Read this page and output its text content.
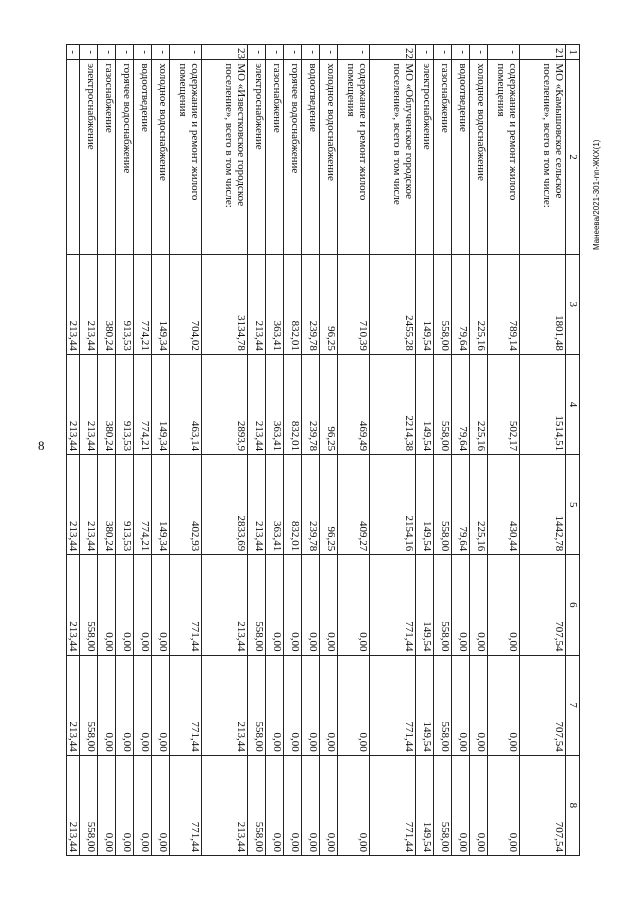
8
Мaнеева/2021-301-nn-ЖКХ(1)
1	2	3	4	5	6	7	8
21	МО «Камышовское сельское поселение», всего в том числе:	1801,48	1514,51	1442,78	707,54	707,54	707,54
-	содержание и ремонт жилого помещения	789,14	502,17	430,44	0,00	0,00	0,00
-	холодное водоснабжение	225,16	225,16	225,16	0,00	0,00	0,00
-	водоотведение	79,64	79,64	79,64	0,00	0,00	0,00
-	газоснабжение	558,00	558,00	558,00	558,00	558,00	558,00
-	электроснабжение	149,54	149,54	149,54	149,54	149,54	149,54
22	МО «Облученское городское поселение», всего в том числе	2455,28	2214,38	2154,16	771,44	771,44	771,44
-	содержание и ремонт жилого помещения	710,39	469,49	409,27	0,00	0,00	0,00
-	холодное водоснабжение	96,25	96,25	96,25	0,00	0,00	0,00
-	водоотведение	239,78	239,78	239,78	0,00	0,00	0,00
-	горячее водоснабжение	832,01	832,01	832,01	0,00	0,00	0,00
-	газоснабжение	363,41	363,41	363,41	0,00	0,00	0,00
-	электроснабжение	213,44	213,44	213,44	558,00	558,00	558,00
23	МО «Известковское городское поселение», всего в том числе:	3134,78	2893,9	2833,69	213,44	213,44	213,44
-	содержание и ремонт жилого помещения	704,02	463,14	402,93	771,44	771,44	771,44
-	холодное водоснабжение	149,34	149,34	149,34	0,00	0,00	0,00
-	водоотведение	774,21	774,21	774,21	0,00	0,00	0,00
-	горячее водоснабжение	913,53	913,53	913,53	0,00	0,00	0,00
-	газоснабжение	380,24	380,24	380,24	0,00	0,00	0,00
-	электроснабжение	213,44	213,44	213,44	558,00	558,00	558,00
-		213,44	213,44	213,44	213,44	213,44	213,44
